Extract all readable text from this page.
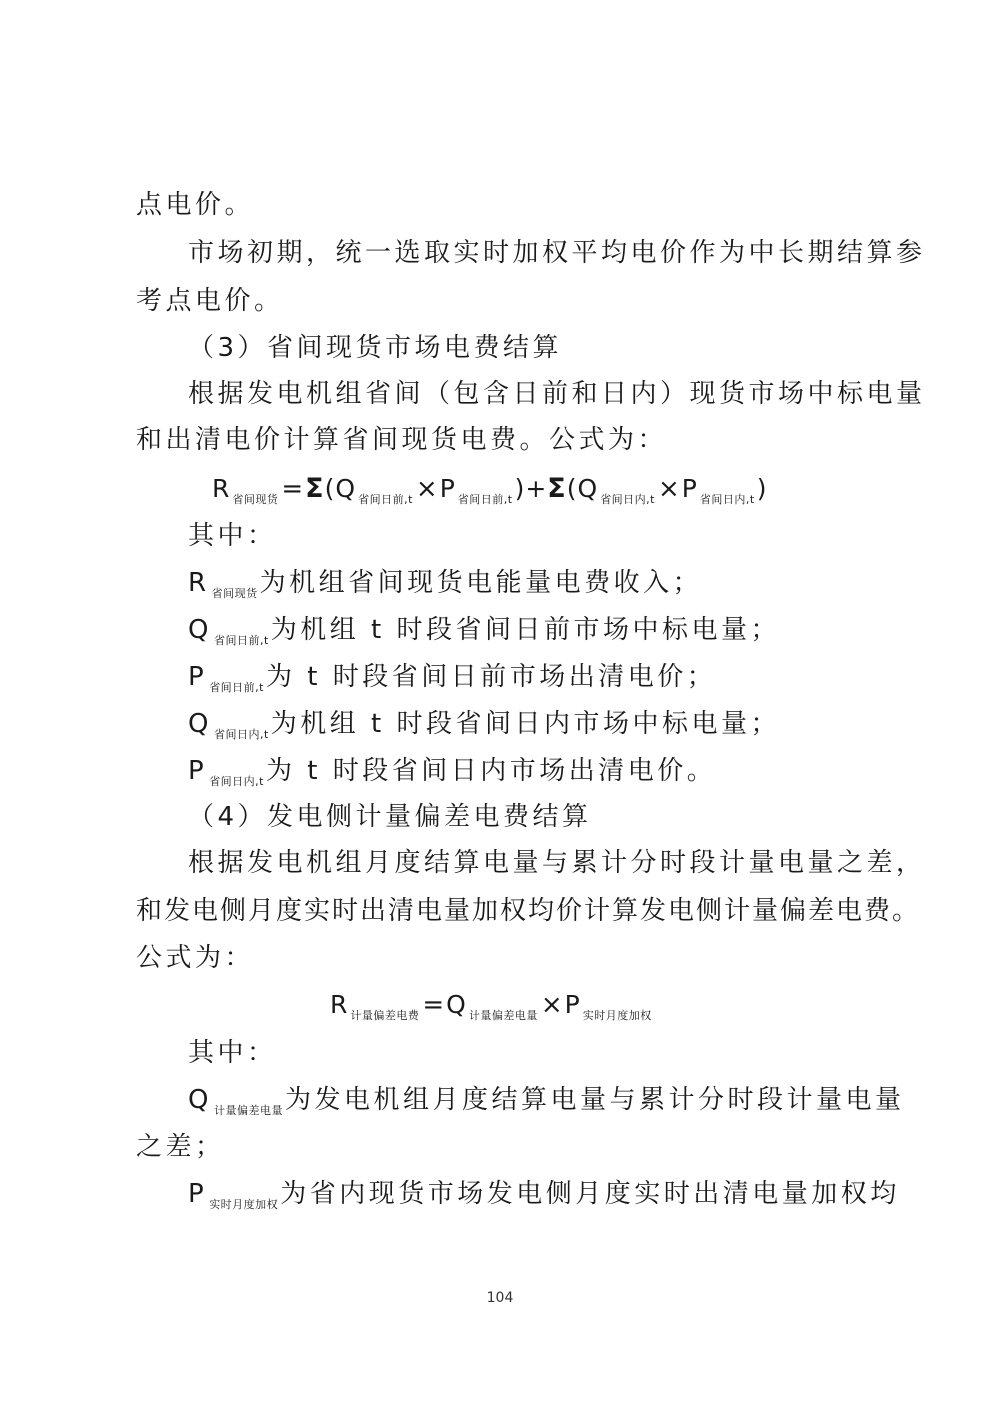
点电价。
市场初期，统一选取实时加权平均电价作为中长期结算参
考点电价。
（3）省间现货市场电费结算
根据发电机组省间（包含日前和日内）现货市场中标电量
和出清电价计算省间现货电费。公式为：
R $_{省间现货}$ =Σ(Q $_{省间日前,t}$ ×P $_{省间日前,t}$)+Σ(Q $_{省间日内,t}$ ×P $_{省间日内,t}$)
其中：
R $_{省间现货}$为机组省间现货电能量电费收入；
Q $_{省间日前,t}$为机组 t 时段省间日前市场中标电量；
P $_{省间日前,t}$为 t 时段省间日前市场出清电价；
Q $_{省间日内,t}$为机组 t 时段省间日内市场中标电量；
P $_{省间日内,t}$为 t 时段省间日内市场出清电价。
（4）发电侧计量偏差电费结算
根据发电机组月度结算电量与累计分时段计量电量之差，
和发电侧月度实时出清电量加权均价计算发电侧计量偏差电费。
公式为：
R $_{计量偏差电费}$ =Q $_{计量偏差电量}$ ×P $_{实时月度加权}$
其中：
Q $_{计量偏差电量}$为发电机组月度结算电量与累计分时段计量电量
之差；
P $_{实时月度加权}$为省内现货市场发电侧月度实时出清电量加权均
104
